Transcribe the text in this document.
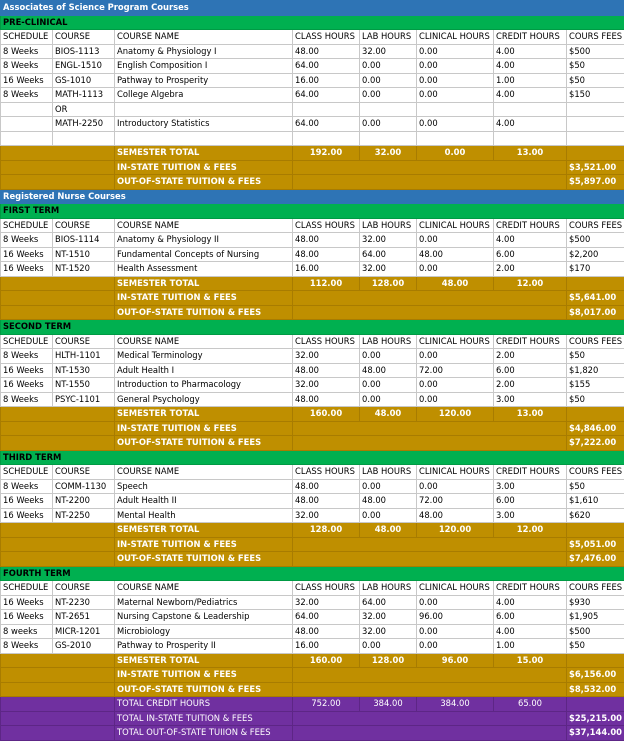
Associates of Science Program Courses							
PRE-CLINICAL							
SCHEDULE	COURSE	COURSE NAME	CLASS HOURS	LAB HOURS	CLINICAL HOURS	CREDIT HOURS	COURS FEES
8 Weeks	BIOS-1113	Anatomy & Physiology I	48.00	32.00	0.00	4.00	$500
8 Weeks	ENGL-1510	English Composition I	64.00	0.00	0.00	4.00	$50
16 Weeks	GS-1010	Pathway to Prosperity	16.00	0.00	0.00	1.00	$50
8 Weeks	MATH-1113	College Algebra	64.00	0.00	0.00	4.00	$150
	OR						
	MATH-2250	Introductory Statistics	64.00	0.00	0.00	4.00	

		SEMESTER TOTAL	192.00	32.00	0.00	13.00	
		IN-STATE TUITION & FEES					$3,521.00
		OUT-OF-STATE TUITION & FEES					$5,897.00
Registered Nurse Courses							
FIRST TERM							
SCHEDULE	COURSE	COURSE NAME	CLASS HOURS	LAB HOURS	CLINICAL HOURS	CREDIT HOURS	COURS FEES
8 Weeks	BIOS-1114	Anatomy & Physiology II	48.00	32.00	0.00	4.00	$500
16 Weeks	NT-1510	Fundamental Concepts of Nursing	48.00	64.00	48.00	6.00	$2,200
16 Weeks	NT-1520	Health Assessment	16.00	32.00	0.00	2.00	$170
		SEMESTER TOTAL	112.00	128.00	48.00	12.00	
		IN-STATE TUITION & FEES					$5,641.00
		OUT-OF-STATE TUITION & FEES					$8,017.00
SECOND TERM							
SCHEDULE	COURSE	COURSE NAME	CLASS HOURS	LAB HOURS	CLINICAL HOURS	CREDIT HOURS	COURS FEES
8 Weeks	HLTH-1101	Medical Terminology	32.00	0.00	0.00	2.00	$50
16 Weeks	NT-1530	Adult Health I	48.00	48.00	72.00	6.00	$1,820
16 Weeks	NT-1550	Introduction to Pharmacology	32.00	0.00	0.00	2.00	$155
8 Weeks	PSYC-1101	General Psychology	48.00	0.00	0.00	3.00	$50
		SEMESTER TOTAL	160.00	48.00	120.00	13.00	
		IN-STATE TUITION & FEES					$4,846.00
		OUT-OF-STATE TUITION & FEES					$7,222.00
THIRD TERM							
SCHEDULE	COURSE	COURSE NAME	CLASS HOURS	LAB HOURS	CLINICAL HOURS	CREDIT HOURS	COURS FEES
8 Weeks	COMM-1130	Speech	48.00	0.00	0.00	3.00	$50
16 Weeks	NT-2200	Adult Health II	48.00	48.00	72.00	6.00	$1,610
16 Weeks	NT-2250	Mental Health	32.00	0.00	48.00	3.00	$620
		SEMESTER TOTAL	128.00	48.00	120.00	12.00	
		IN-STATE TUITION & FEES					$5,051.00
		OUT-OF-STATE TUITION & FEES					$7,476.00
FOURTH TERM							
SCHEDULE	COURSE	COURSE NAME	CLASS HOURS	LAB HOURS	CLINICAL HOURS	CREDIT HOURS	COURS FEES
16 Weeks	NT-2230	Maternal Newborn/Pediatrics	32.00	64.00	0.00	4.00	$930
16 Weeks	NT-2651	Nursing Capstone & Leadership	64.00	32.00	96.00	6.00	$1,905
8 weeks	MICR-1201	Microbiology	48.00	32.00	0.00	4.00	$500
8 Weeks	GS-2010	Pathway to Prosperity II	16.00	0.00	0.00	1.00	$50
		SEMESTER TOTAL	160.00	128.00	96.00	15.00	
		IN-STATE TUITION & FEES					$6,156.00
		OUT-OF-STATE TUITION & FEES					$8,532.00
		TOTAL CREDIT HOURS	752.00	384.00	384.00	65.00	
		TOTAL IN-STATE TUITION & FEES					$25,215.00
		TOTAL OUT-OF-STATE TUIION & FEES					$37,144.00
